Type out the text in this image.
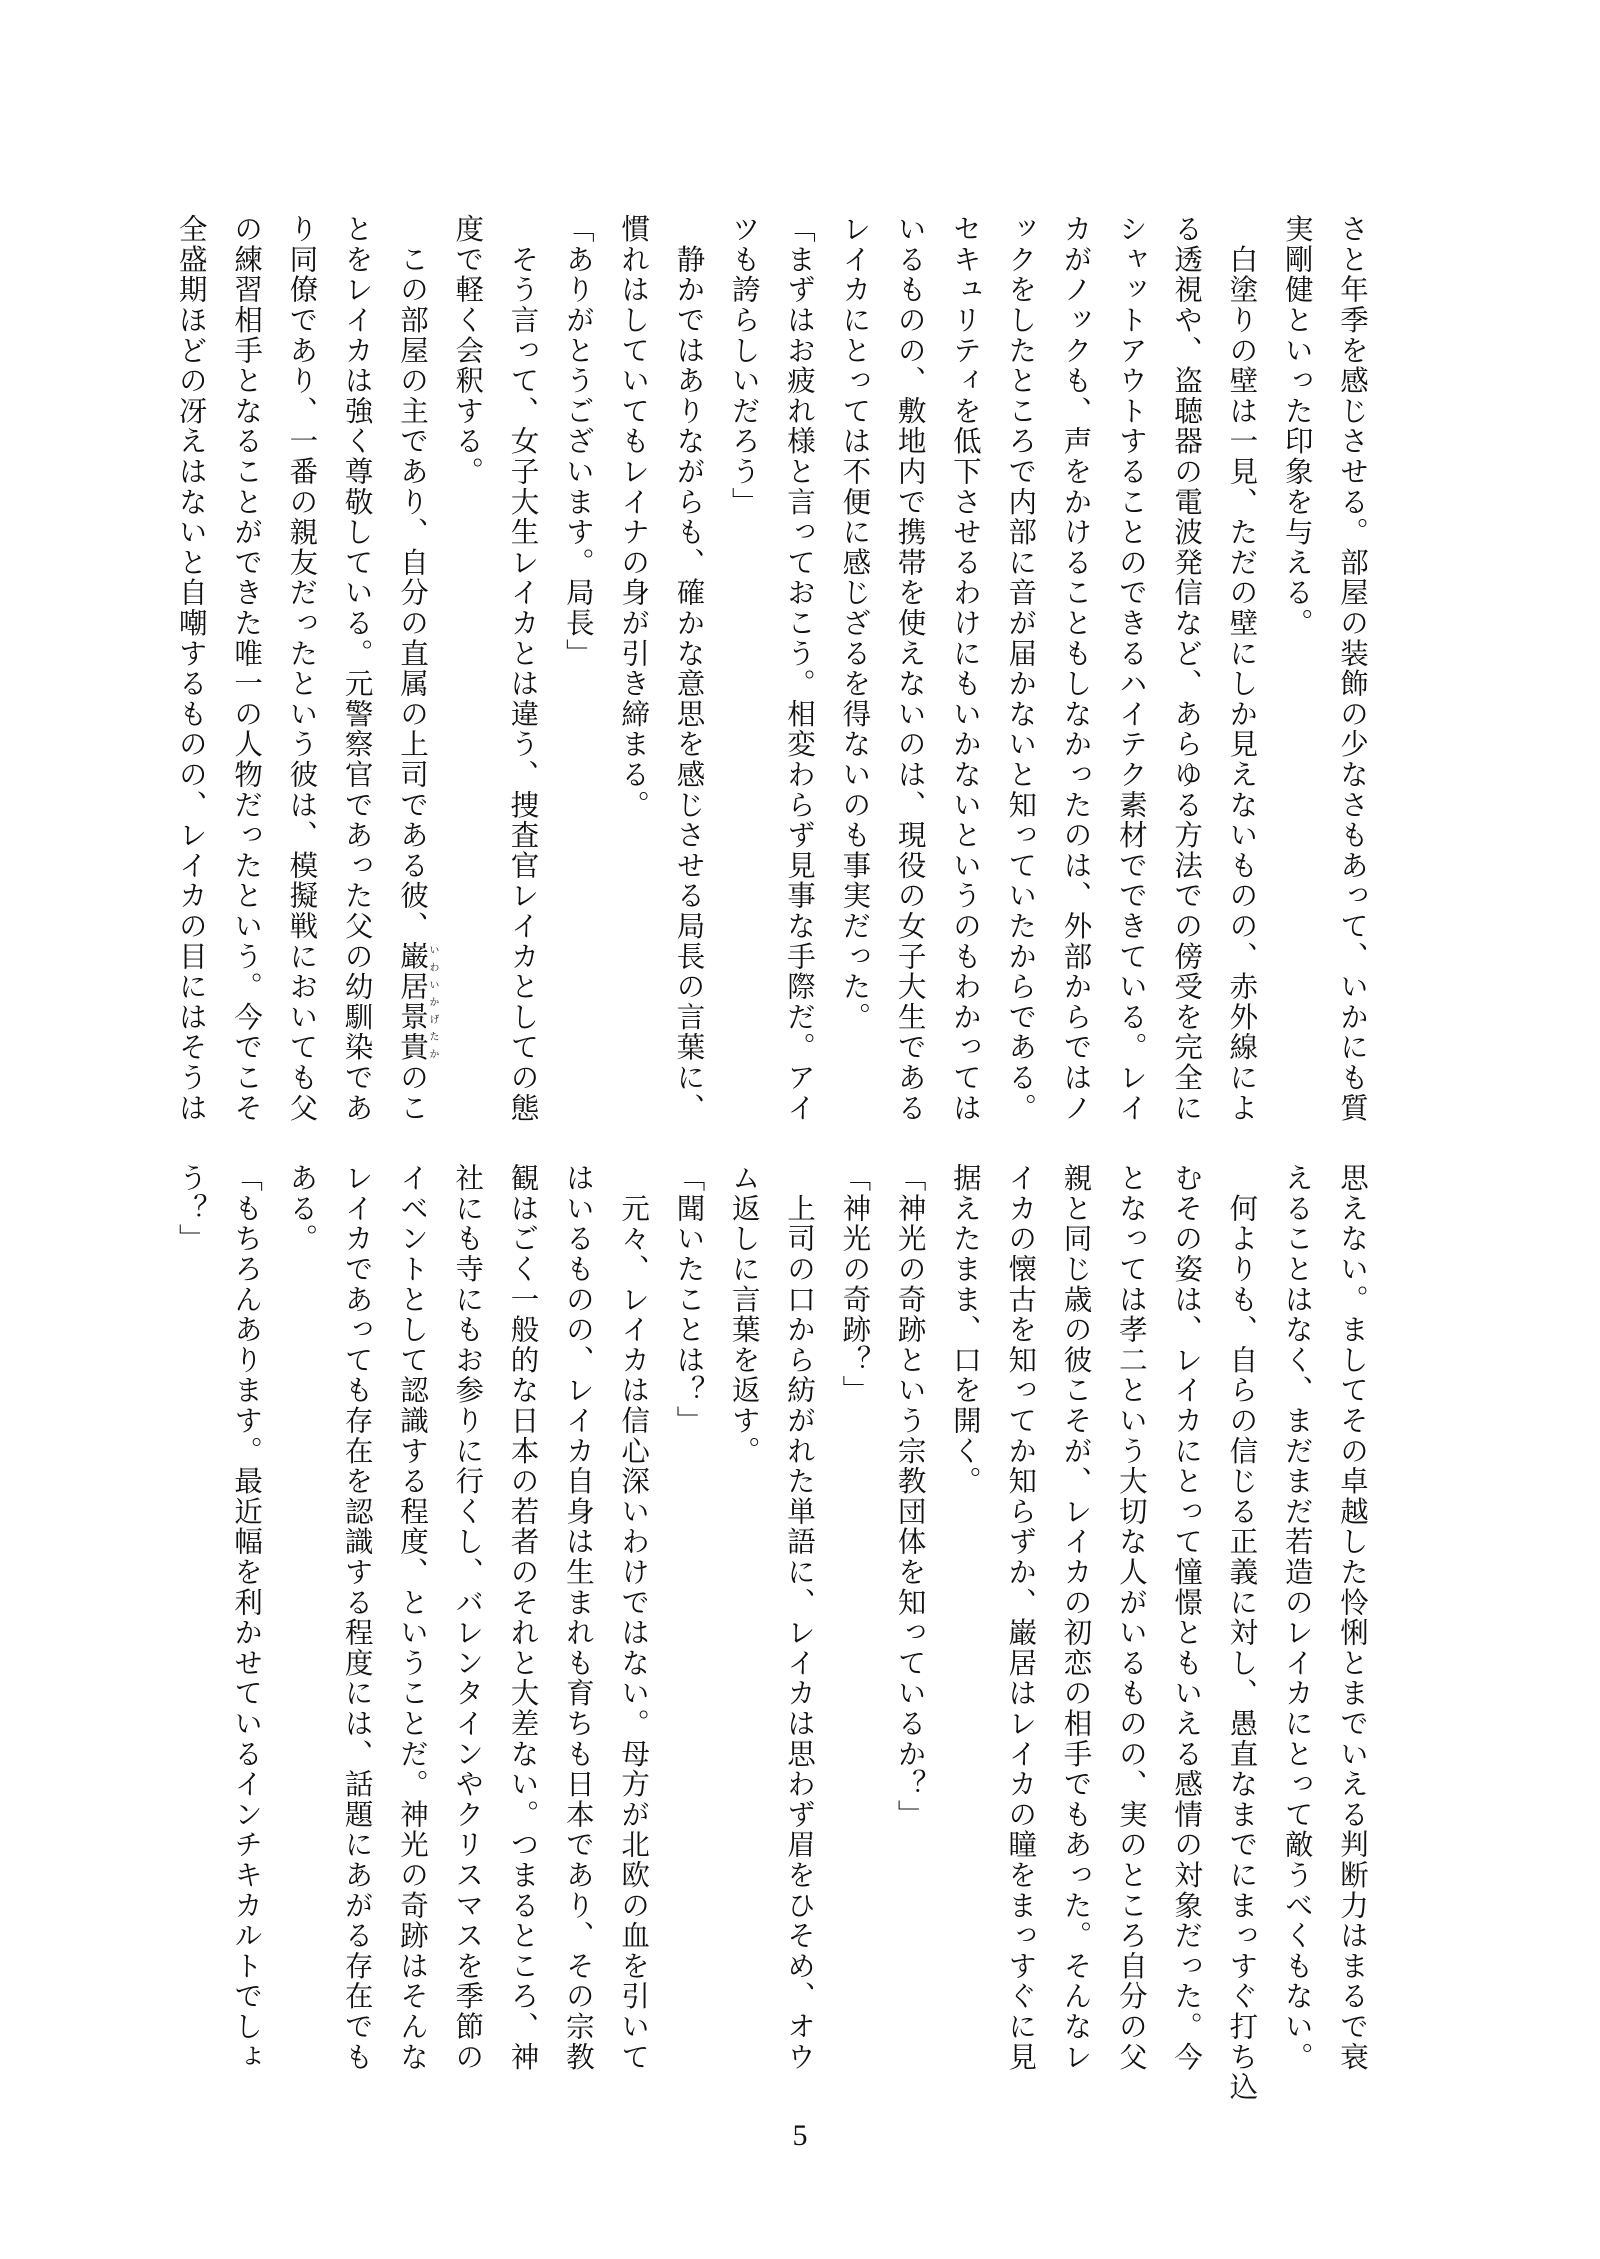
さと年季を感じさせる。部屋の装飾の少なさもあって、いかにも質
実剛健といった印象を与える。
　白塗りの壁は一見、ただの壁にしか見えないものの、赤外線によ
る透視や、盗聴器の電波発信など、あらゆる方法での傍受を完全に
シャットアウトすることのできるハイテク素材でできている。レイ
カがノックも、声をかけることもしなかったのは、外部からではノ
ックをしたところで内部に音が届かないと知っていたからである。
セキュリティを低下させるわけにもいかないというのもわかっては
いるものの、敷地内で携帯を使えないのは、現役の女子大生である
レイカにとっては不便に感じざるを得ないのも事実だった。
「まずはお疲れ様と言っておこう。相変わらず見事な手際だ。アイ
ツも誇らしいだろう」
　静かではありながらも、確かな意思を感じさせる局長の言葉に、
慣れはしていてもレイナの身が引き締まる。
「ありがとうございます。局長」
　そう言って、女子大生レイカとは違う、捜査官レイカとしての態
度で軽く会釈する。
　この部屋の主であり、自分の直属の上司である彼、巌居景貴いわいかげたかのこ
とをレイカは強く尊敬している。元警察官であった父の幼馴染であ
り同僚であり、一番の親友だったという彼は、模擬戦においても父
の練習相手となることができた唯一の人物だったという。今でこそ
全盛期ほどの冴えはないと自嘲するものの、レイカの目にはそうは
思えない。ましてその卓越した怜悧とまでいえる判断力はまるで衰
えることはなく、まだまだ若造のレイカにとって敵うべくもない。
　何よりも、自らの信じる正義に対し、愚直なまでにまっすぐ打ち込
むその姿は、レイカにとって憧憬ともいえる感情の対象だった。今
となっては孝二という大切な人がいるものの、実のところ自分の父
親と同じ歳の彼こそが、レイカの初恋の相手でもあった。そんなレ
イカの懐古を知ってか知らずか、巌居はレイカの瞳をまっすぐに見
据えたまま、口を開く。
「神光の奇跡という宗教団体を知っているか？」
「神光の奇跡？」
　上司の口から紡がれた単語に、レイカは思わず眉をひそめ、オウ
ム返しに言葉を返す。
「聞いたことは？」
　元々、レイカは信心深いわけではない。母方が北欧の血を引いて
はいるものの、レイカ自身は生まれも育ちも日本であり、その宗教
観はごく一般的な日本の若者のそれと大差ない。つまるところ、神
社にも寺にもお参りに行くし、バレンタインやクリスマスを季節の
イベントとして認識する程度、ということだ。神光の奇跡はそんな
レイカであっても存在を認識する程度には、話題にあがる存在でも
ある。
「もちろんあります。最近幅を利かせているインチキカルトでしょ
う？」
5
